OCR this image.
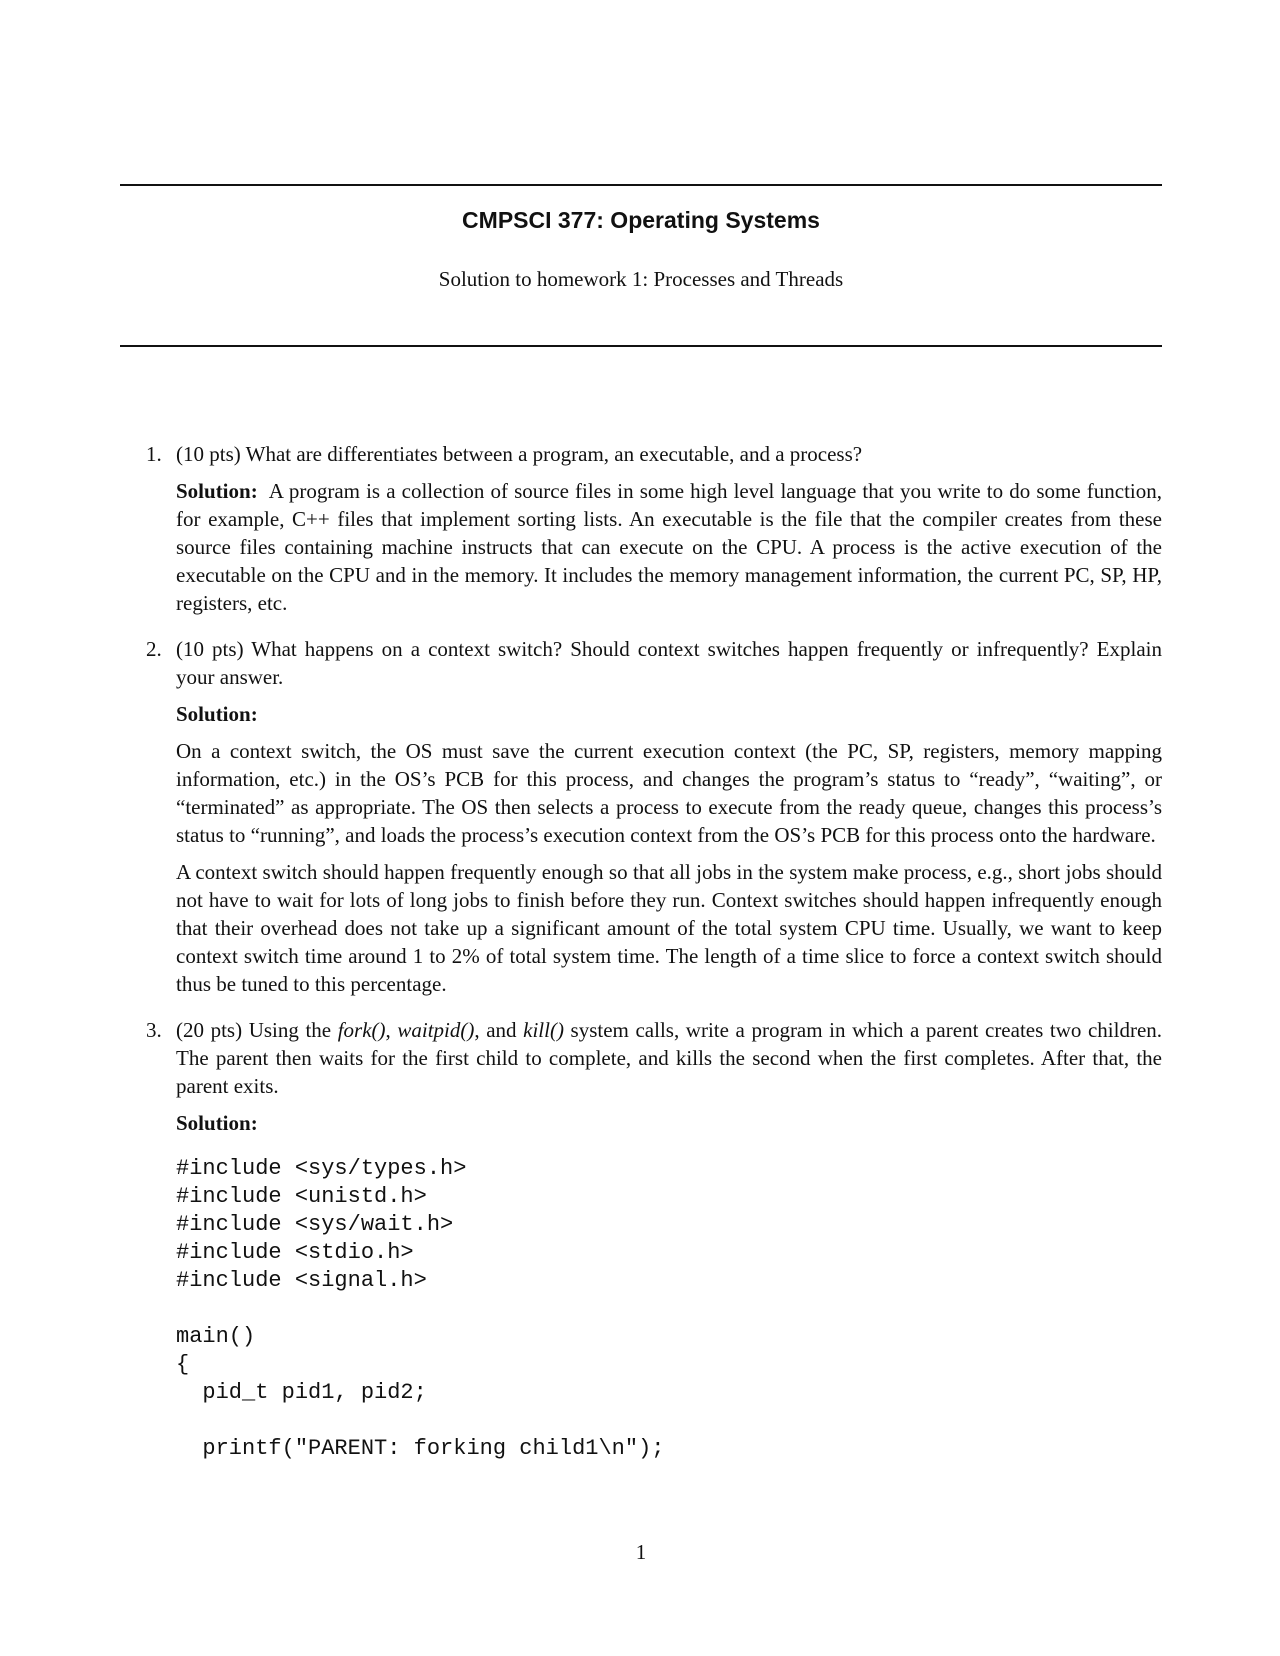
CMPSCI 377: Operating Systems
Solution to homework 1: Processes and Threads

1. (10 pts) What are differentiates between a program, an executable, and a process?

Solution: A program is a collection of source files in some high level language that you write to do some function, for example, C++ files that implement sorting lists. An executable is the file that the compiler creates from these source files containing machine instructs that can execute on the CPU. A process is the active execution of the executable on the CPU and in the memory. It includes the memory management information, the current PC, SP, HP, registers, etc.

2. (10 pts) What happens on a context switch? Should context switches happen frequently or infrequently? Explain your answer.

Solution:

On a context switch, the OS must save the current execution context (the PC, SP, registers, memory mapping information, etc.) in the OS’s PCB for this process, and changes the program’s status to “ready”, “waiting”, or “terminated” as appropriate. The OS then selects a process to execute from the ready queue, changes this process’s status to “running”, and loads the process’s execution context from the OS’s PCB for this process onto the hardware.

A context switch should happen frequently enough so that all jobs in the system make process, e.g., short jobs should not have to wait for lots of long jobs to finish before they run. Context switches should happen infrequently enough that their overhead does not take up a significant amount of the total system CPU time. Usually, we want to keep context switch time around 1 to 2% of total system time. The length of a time slice to force a context switch should thus be tuned to this percentage.

3. (20 pts) Using the fork(), waitpid(), and kill() system calls, write a program in which a parent creates two children. The parent then waits for the first child to complete, and kills the second when the first completes. After that, the parent exits.

Solution:

#include <sys/types.h>
#include <unistd.h>
#include <sys/wait.h>
#include <stdio.h>
#include <signal.h>
main()
{
pid_t pid1, pid2;
printf("PARENT: forking child1\n");
1
